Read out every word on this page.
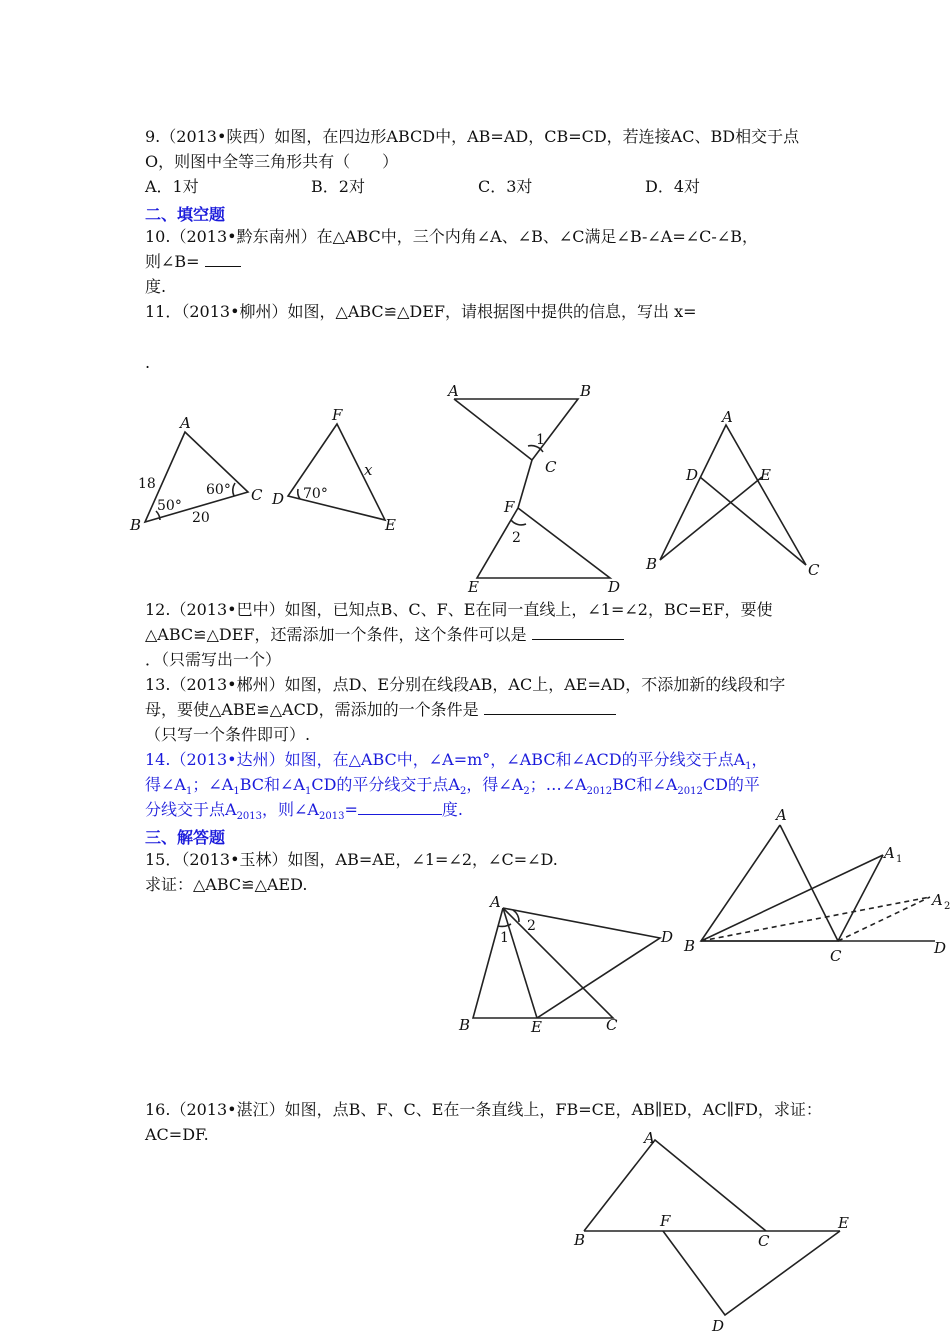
9.（2013•陕西）如图，在四边形ABCD中，AB=AD，CB=CD，若连接AC、BD相交于点
O，则图中全等三角形共有（　　）
A．1对	B．2对	C．3对	D．4对
二、填空题
10.（2013•黔东南州）在△ABC中，三个内角∠A、∠B、∠C满足∠B-∠A=∠C-∠B，
则∠B=
度.
11．（2013•柳州）如图，△ABC≌△DEF，请根据图中提供的信息，写出 x=
.
A
B
C D
E
F
18
20
50°
60°	70°
x
A	B
C
D
E
F
1
2
A
B	C
D	E
12.（2013•巴中）如图，已知点B、C、F、E在同一直线上，∠1=∠2，BC=EF，要使
△ABC≌△DEF，还需添加一个条件，这个条件可以是
．（只需写出一个）
13.（2013•郴州）如图，点D、E分别在线段AB，AC上，AE=AD，不添加新的线段和字
母，要使△ABE≌△ACD，需添加的一个条件是
（只写一个条件即可）.
14.（2013•达州）如图，在△ABC中，∠A=m°，∠ABC和∠ACD的平分线交于点$A_1$，
得$\angle A_1$；$\angle A_1BC$和$\angle A_1CD$的平分线交于点$A_2$，得$\angle A_2$；$\dots\angle A_{2012}BC$和$\angle A_{2012}CD$的平
分线交于点$A_{2013}$，则$\angle A_{2013}=$	度.
三、解答题
15．（2013•玉林）如图，AB=AE，∠1=∠2，∠C=∠D.
求证：△ABC≌△AED.
A
A 1
A 2
B
C	D
A
B	C
D
E
1
2
16.（2013•湛江）如图，点B、F、C、E在一条直线上，FB=CE，AB∥ED，AC∥FD，求证：
AC=DF.	A
B	C
D
E
F
